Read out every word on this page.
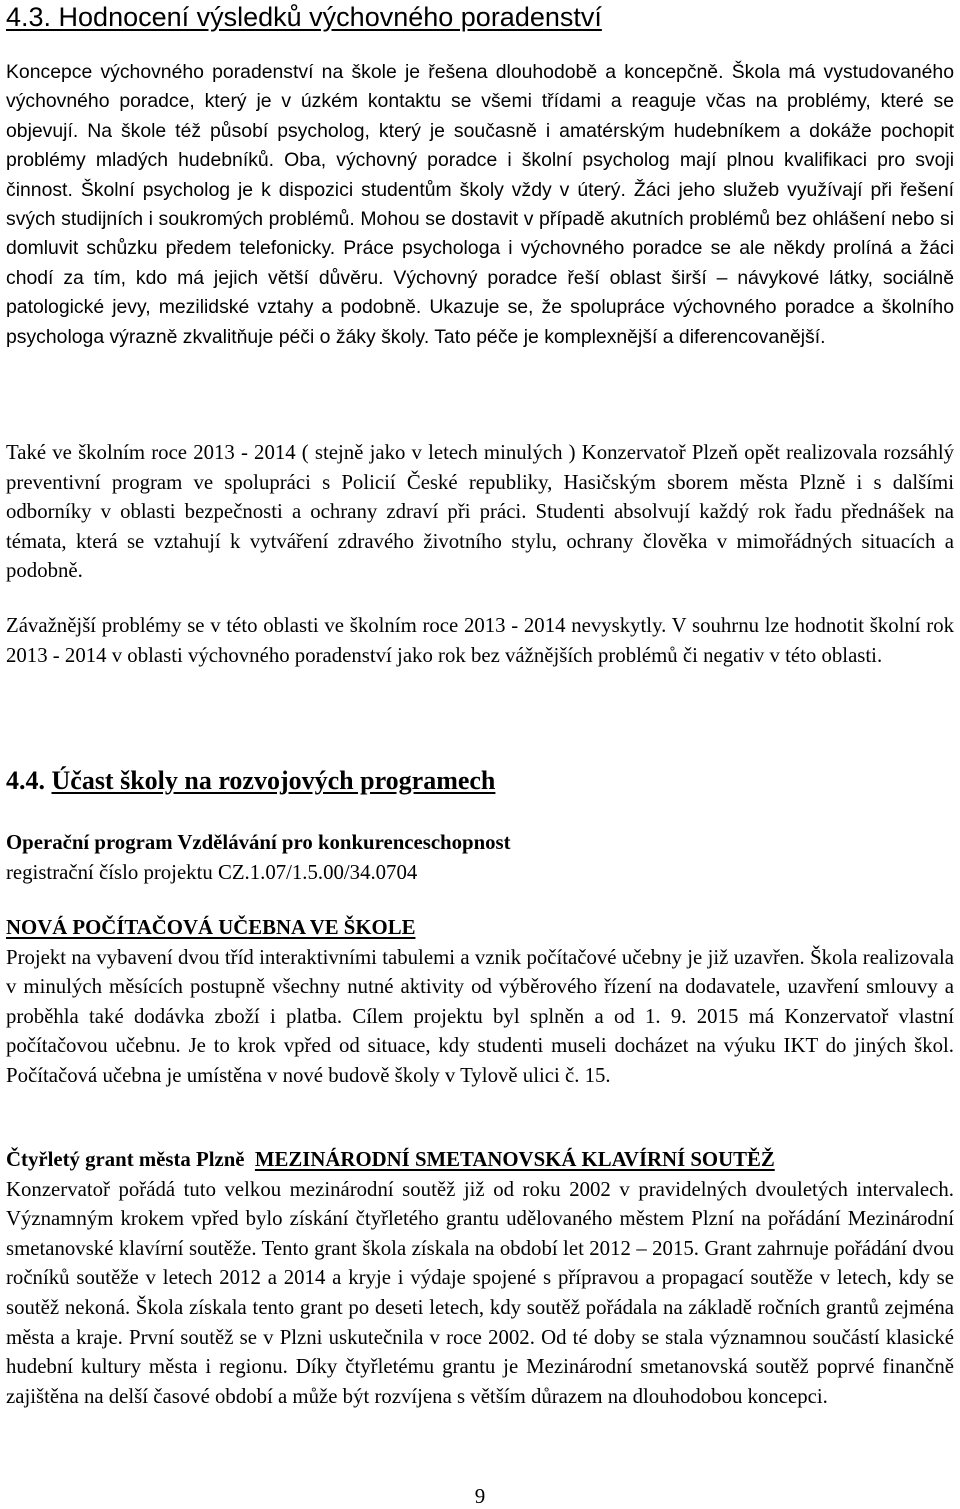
4.3. Hodnocení výsledků výchovného poradenství
Koncepce výchovného poradenství na škole je řešena dlouhodobě a koncepčně. Škola má vystudovaného výchovného poradce, který je v úzkém kontaktu se všemi třídami a reaguje včas na problémy, které se objevují. Na škole též působí psycholog, který je současně i amatérským hudebníkem a dokáže pochopit problémy mladých hudebníků. Oba, výchovný poradce i školní psycholog mají plnou kvalifikaci pro svoji činnost. Školní psycholog je k dispozici studentům školy vždy v úterý. Žáci jeho služeb využívají při řešení svých studijních i soukromých problémů. Mohou se dostavit v případě akutních problémů bez ohlášení nebo si domluvit schůzku předem telefonicky. Práce psychologa i výchovného poradce se ale někdy prolíná a žáci chodí za tím, kdo má jejich větší důvěru. Výchovný poradce řeší oblast širší – návykové látky, sociálně patologické jevy, mezilidské vztahy a podobně. Ukazuje se, že spolupráce výchovného poradce a školního psychologa výrazně zkvalitňuje péči o žáky školy. Tato péče je komplexnější a diferencovanější.
Také ve školním roce 2013 - 2014 ( stejně jako v letech minulých ) Konzervatoř Plzeň opět realizovala rozsáhlý preventivní program ve spolupráci s Policií České republiky, Hasičským sborem města Plzně i s dalšími odborníky v oblasti bezpečnosti a ochrany zdraví při práci. Studenti absolvují každý rok řadu přednášek na témata, která se vztahují k vytváření zdravého životního stylu, ochrany člověka v mimořádných situacích a podobně.
Závažnější problémy se v této oblasti ve školním roce 2013 - 2014 nevyskytly. V souhrnu lze hodnotit školní rok 2013 - 2014 v oblasti výchovného poradenství jako rok bez vážnějších problémů či negativ v této oblasti.
4.4. Účast školy na rozvojových programech
Operační program Vzdělávání pro konkurenceschopnost
registrační číslo projektu CZ.1.07/1.5.00/34.0704
NOVÁ POČÍTAČOVÁ UČEBNA VE ŠKOLE
Projekt na vybavení dvou tříd interaktivními tabulemi a vznik počítačové učebny je již uzavřen. Škola realizovala v minulých měsících postupně všechny nutné aktivity od výběrového řízení na dodavatele, uzavření smlouvy a proběhla také dodávka zboží i platba. Cílem projektu byl splněn a od 1. 9. 2015 má Konzervatoř vlastní počítačovou učebnu. Je to krok vpřed od situace, kdy studenti museli docházet na výuku IKT do jiných škol. Počítačová učebna je umístěna v nové budově školy v Tylově ulici č. 15.
Čtyřletý grant města Plzně MEZINÁRODNÍ SMETANOVSKÁ KLAVÍRNÍ SOUTĚŽ
Konzervatoř pořádá tuto velkou mezinárodní soutěž již od roku 2002 v pravidelných dvouletých intervalech. Významným krokem vpřed bylo získání čtyřletého grantu udělovaného městem Plzní na pořádání Mezinárodní smetanovské klavírní soutěže. Tento grant škola získala na období let 2012 – 2015. Grant zahrnuje pořádání dvou ročníků soutěže v letech 2012 a 2014 a kryje i výdaje spojené s přípravou a propagací soutěže v letech, kdy se soutěž nekoná. Škola získala tento grant po deseti letech, kdy soutěž pořádala na základě ročních grantů zejména města a kraje. První soutěž se v Plzni uskutečnila v roce 2002. Od té doby se stala významnou součástí klasické hudební kultury města i regionu. Díky čtyřletému grantu je Mezinárodní smetanovská soutěž poprvé finančně zajištěna na delší časové období a může být rozvíjena s větším důrazem na dlouhodobou koncepci.
9
